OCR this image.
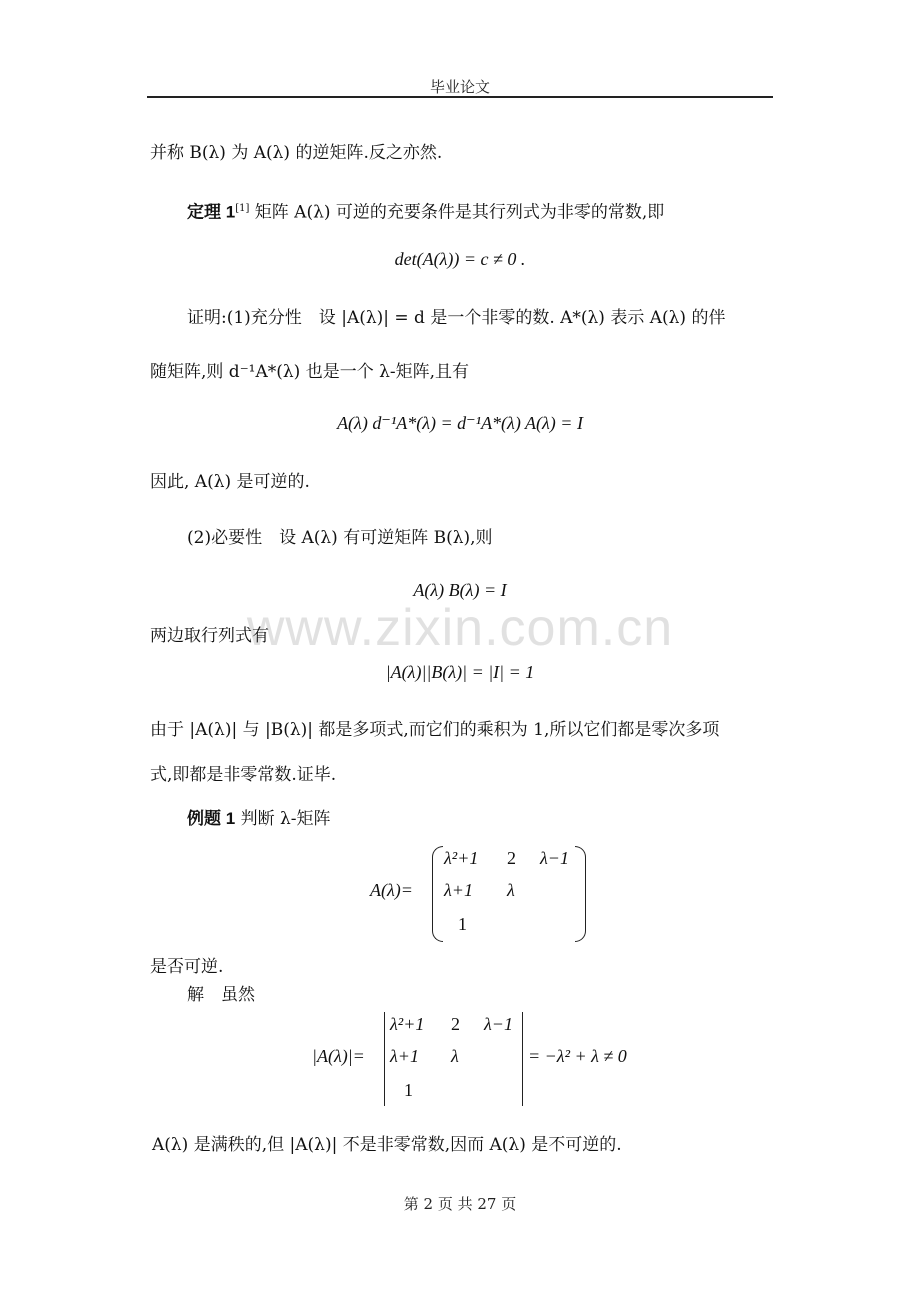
毕业论文
并称 B(λ) 为 A(λ) 的逆矩阵.反之亦然.
定理 1[1] 矩阵 A(λ) 可逆的充要条件是其行列式为非零的常数,即
det(A(λ)) = c ≠ 0 .
证明:(1)充分性　设 |A(λ)| = d 是一个非零的数. A*(λ) 表示 A(λ) 的伴
随矩阵,则 d⁻¹A*(λ) 也是一个 λ-矩阵,且有
A(λ) d⁻¹A*(λ) = d⁻¹A*(λ) A(λ) = I
因此, A(λ) 是可逆的.
(2)必要性　设 A(λ) 有可逆矩阵 B(λ),则
A(λ) B(λ) = I
www.zixin.com.cn
两边取行列式有
|A(λ)||B(λ)| = |I| = 1
由于 |A(λ)| 与 |B(λ)| 都是多项式,而它们的乘积为 1,所以它们都是零次多项
式,即都是非零常数.证毕.
例题 1 判断 λ-矩阵
A(λ)=
λ²+1 2 λ−1
λ+1 λ
1
是否可逆.
解　虽然
|A(λ)|=
λ²+1 2 λ−1
λ+1 λ
1
= −λ² + λ ≠ 0
A(λ) 是满秩的,但 |A(λ)| 不是非零常数,因而 A(λ) 是不可逆的.
第 2 页 共 27 页
